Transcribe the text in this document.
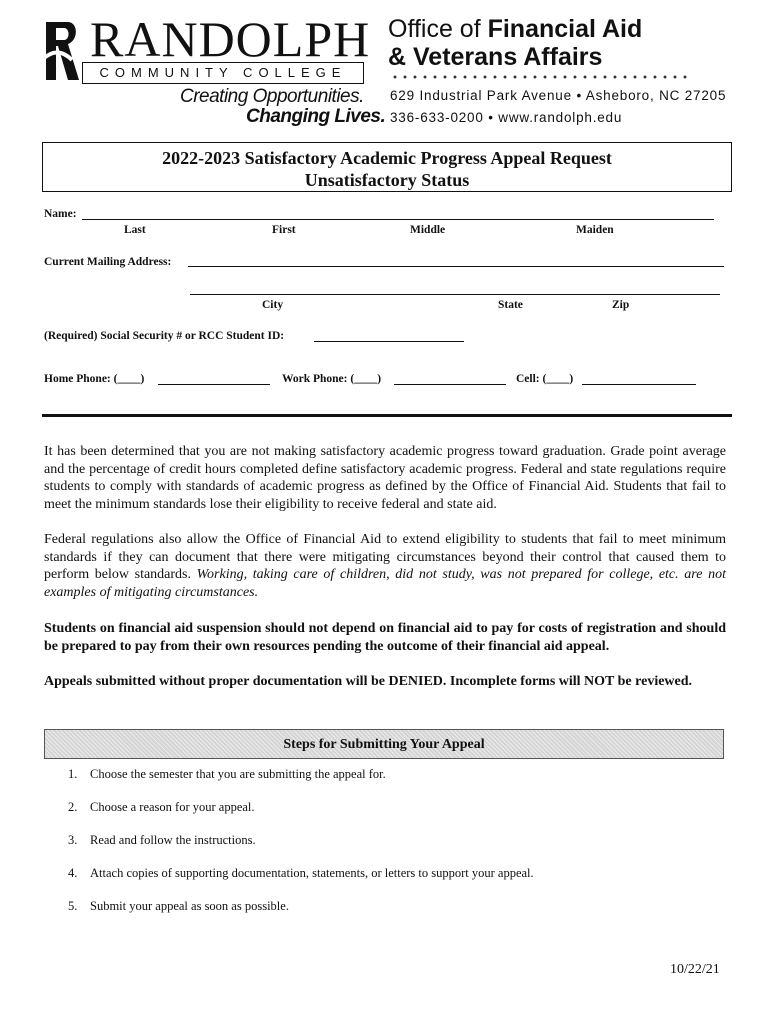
RANDOLPH
COMMUNITY COLLEGE
Creating Opportunities.
Changing Lives.
Office of Financial Aid
& Veterans Affairs
629 Industrial Park Avenue • Asheboro, NC 27205
336-633-0200 • www.randolph.edu
2022-2023 Satisfactory Academic Progress Appeal Request
Unsatisfactory Status
Name:
Last	First	Middle	Maiden
Current Mailing Address:
City	State	Zip
(Required) Social Security # or RCC Student ID:
Home Phone: (____)	Work Phone: (____)	Cell: (____)
It has been determined that you are not making satisfactory academic progress toward graduation. Grade point average and the percentage of credit hours completed define satisfactory academic progress. Federal and state regulations require students to comply with standards of academic progress as defined by the Office of Financial Aid. Students that fail to meet the minimum standards lose their eligibility to receive federal and state aid.
Federal regulations also allow the Office of Financial Aid to extend eligibility to students that fail to meet minimum standards if they can document that there were mitigating circumstances beyond their control that caused them to perform below standards. Working, taking care of children, did not study, was not prepared for college, etc. are not examples of mitigating circumstances.
Students on financial aid suspension should not depend on financial aid to pay for costs of registration and should be prepared to pay from their own resources pending the outcome of their financial aid appeal.
Appeals submitted without proper documentation will be DENIED. Incomplete forms will NOT be reviewed.
Steps for Submitting Your Appeal
1. Choose the semester that you are submitting the appeal for.
2. Choose a reason for your appeal.
3. Read and follow the instructions.
4. Attach copies of supporting documentation, statements, or letters to support your appeal.
5. Submit your appeal as soon as possible.
10/22/21
